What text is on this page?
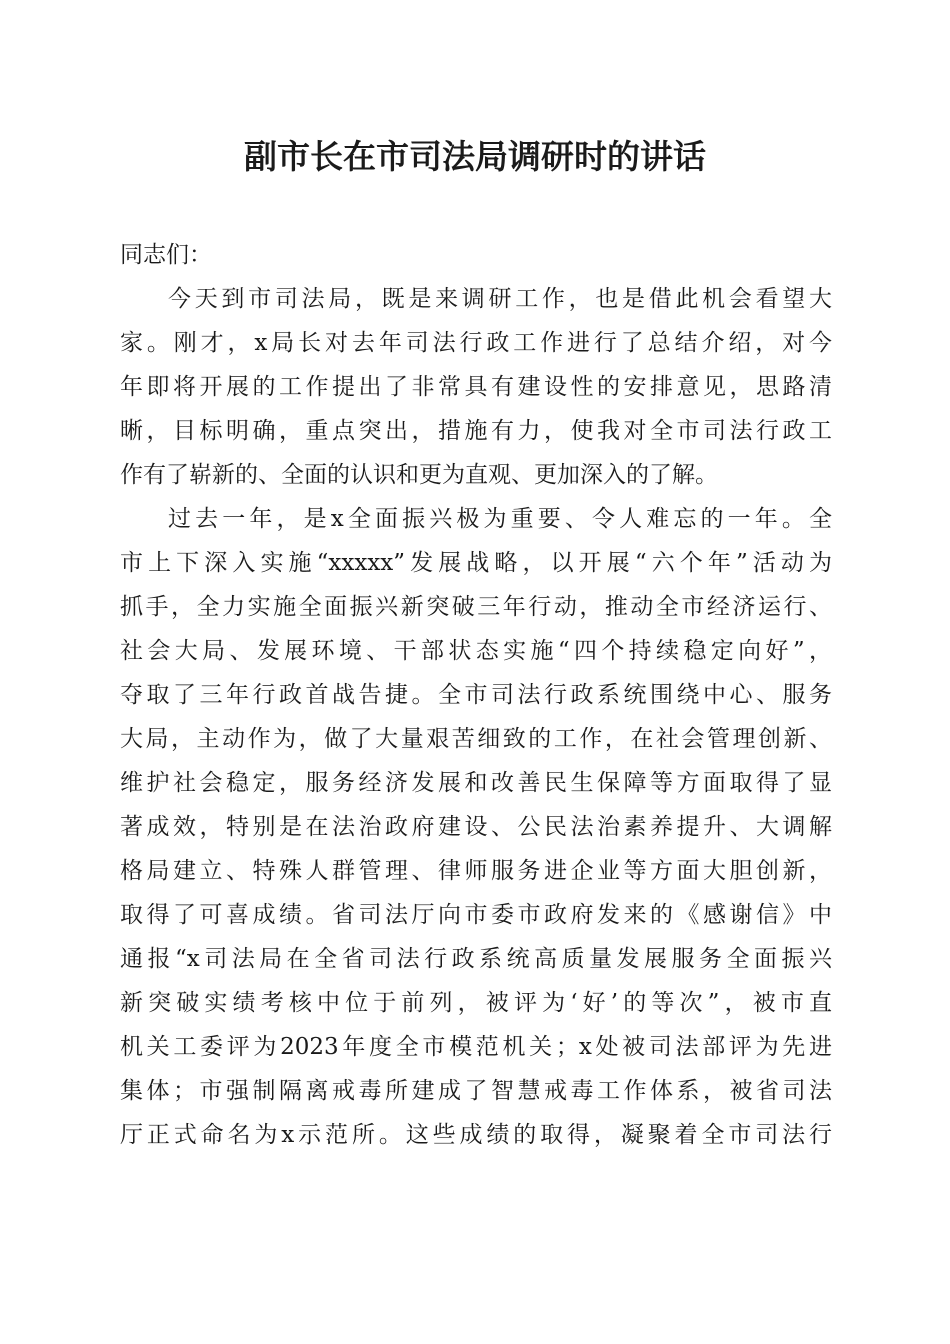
副市长在市司法局调研时的讲话
同志们：
今天到市司法局，既是来调研工作，也是借此机会看望大
家。刚才，x局长对去年司法行政工作进行了总结介绍，对今
年即将开展的工作提出了非常具有建设性的安排意见，思路清
晰，目标明确，重点突出，措施有力，使我对全市司法行政工
作有了崭新的、全面的认识和更为直观、更加深入的了解。
过去一年，是x全面振兴极为重要、令人难忘的一年。全
市上下深入实施“xxxxx”发展战略，以开展“六个年”活动为
抓手，全力实施全面振兴新突破三年行动，推动全市经济运行、
社会大局、发展环境、干部状态实施“四个持续稳定向好”，
夺取了三年行政首战告捷。全市司法行政系统围绕中心、服务
大局，主动作为，做了大量艰苦细致的工作，在社会管理创新、
维护社会稳定，服务经济发展和改善民生保障等方面取得了显
著成效，特别是在法治政府建设、公民法治素养提升、大调解
格局建立、特殊人群管理、律师服务进企业等方面大胆创新，
取得了可喜成绩。省司法厅向市委市政府发来的《感谢信》中
通报“x司法局在全省司法行政系统高质量发展服务全面振兴
新突破实绩考核中位于前列，被评为‘好’的等次”，被市直
机关工委评为2023年度全市模范机关；x处被司法部评为先进
集体；市强制隔离戒毒所建成了智慧戒毒工作体系，被省司法
厅正式命名为x示范所。这些成绩的取得，凝聚着全市司法行
